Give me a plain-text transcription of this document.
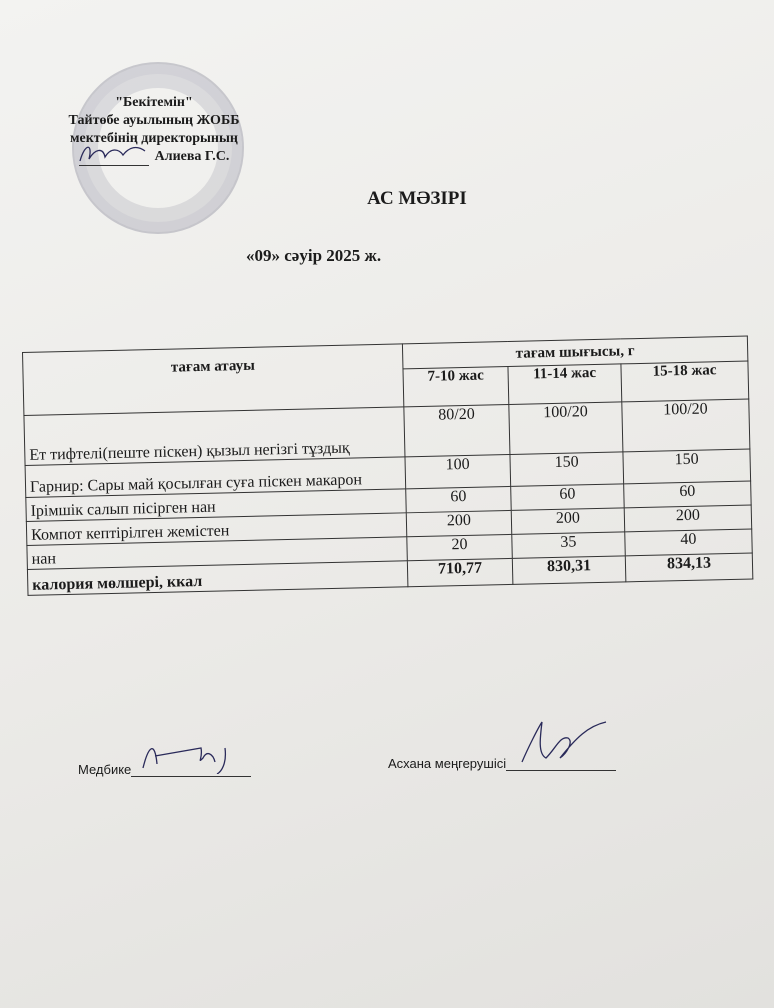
"Бекітемін"
Тайтөбе ауылының ЖОББ
мектебінің директорының
Алиева Г.С.
АС МӘЗІРІ
«09» сәуір 2025 ж.
тағам атауы	тағам шығысы, г		
	7-10 жас	11-14 жас	15-18 жас
Ет тифтелі(пеште піскен) қызыл негізгі тұздық	80/20	100/20	100/20
Гарнир: Сары май қосылған суға піскен макарон	100	150	150
Ірімшік салып пісірген нан	60	60	60
Компот кептірілген жемістен	200	200	200
нан	20	35	40
калория мөлшері, ккал	710,77	830,31	834,13
Медбике	Асхана меңгерушісі
